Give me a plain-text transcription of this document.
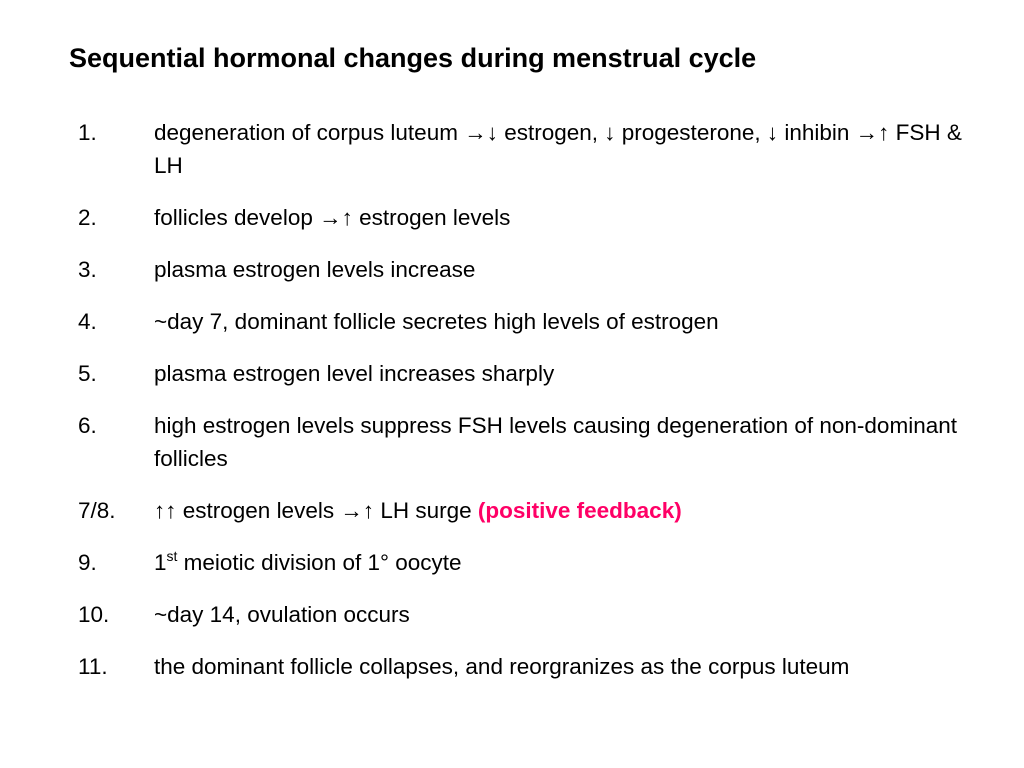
Sequential hormonal changes during menstrual cycle
1.	degeneration of corpus luteum →↓ estrogen, ↓ progesterone, ↓ inhibin →↑ FSH & LH
2.	follicles develop →↑ estrogen levels
3.	plasma estrogen levels increase
4.	~day 7, dominant follicle secretes high levels of estrogen
5.	plasma estrogen level increases sharply
6.	high estrogen levels suppress FSH levels causing degeneration of non-dominant follicles
7/8. ↑↑ estrogen levels →↑ LH surge (positive feedback)
9.	1st meiotic division of 1° oocyte
10. ~day 14, ovulation occurs
11. the dominant follicle collapses, and reorgranizes as the corpus luteum
